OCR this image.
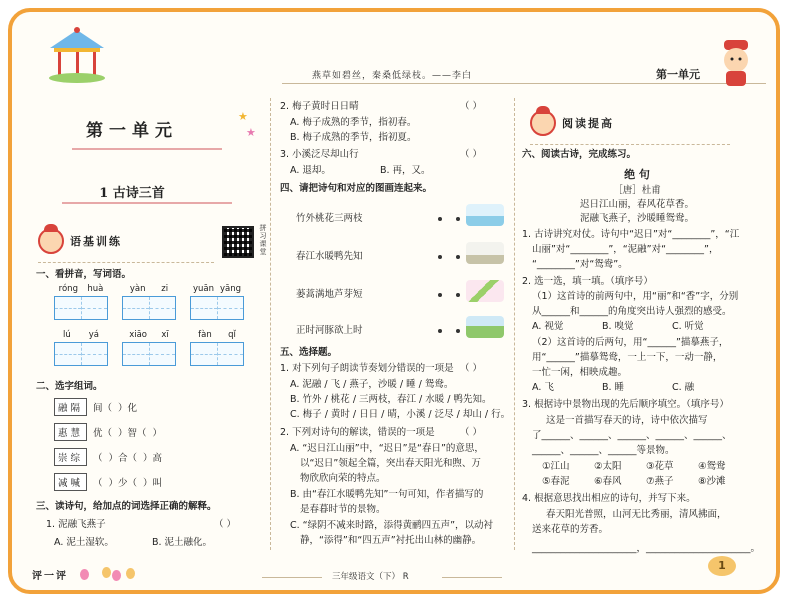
燕草如碧丝，秦桑低绿枝。——李白	第一单元
第一单元
★
★
1 古诗三首
语基训练	拼习课堂
一、看拼音，写词语。
róng huà	yàn zi	yuān yāng
lú yá	xiāo xī	fàn qǐ
二、选字组词。
融隔	间（ ）化
惠慧	优（ ）智（ ）
崇综	（ ）合（ ）高
减喊	（ ）少（ ）叫
三、读诗句，给加点的词选择正确的解释。
1. 泥融飞燕子	（ ）
A. 泥土湿软。	B. 泥土融化。
2. 梅子黄时日日晴	（ ）
A. 梅子成熟的季节，指初春。
B. 梅子成熟的季节，指初夏。
3. 小溪泛尽却山行	（ ）
A. 退却。	B. 再，又。
四、请把诗句和对应的图画连起来。
竹外桃花三两枝
春江水暖鸭先知
蒌蒿满地芦芽短
正时河豚欲上时
五、选择题。
1. 对下列句子朗读节奏划分错误的一项是 （ ）
A. 泥融 / 飞 / 燕子，沙暖 / 睡 / 鸳鸯。
B. 竹外 / 桃花 / 三两枝，春江 / 水暖 / 鸭先知。
C. 梅子 / 黄时 / 日日 / 晴，小溪 / 泛尽 / 却山 / 行。
2. 下列对诗句的解读，错误的一项是	（ ）
A. “迟日江山丽”中，“迟日”是“春日”的意思，
以“迟日”领起全篇，突出春天阳光和煦、万
物欣欣向荣的特点。
B. 由“春江水暖鸭先知”一句可知，作者描写的
是春暮时节的景物。
C. “绿阴不减来时路，添得黄鹂四五声”，以动衬
静，“添得”和“四五声”衬托出山林的幽静。
阅读提高
六、阅读古诗，完成练习。
绝 句
［唐］杜甫
迟日江山丽，春风花草香。
泥融飞燕子，沙暖睡鸳鸯。
1. 古诗讲究对仗。诗句中“迟日”对“________”，“江
山丽”对“________”，“泥融”对“________”，
“________”对“鸳鸯”。
2. 选一选，填一填。（填序号）
（1）这首诗的前两句中，用“丽”和“香”字，分别
从______和______的角度突出诗人强烈的感受。
A. 视觉	B. 嗅觉	C. 听觉
（2）这首诗的后两句，用“______”描摹燕子，
用“______”描摹鸳鸯，一上一下，一动一静，
一忙一闲，相映成趣。
A. 飞	B. 睡	C. 融
3. 根据诗中景物出现的先后顺序填空。（填序号）
这是一首描写春天的诗，诗中依次描写
了______、______、______、______、______、
______、______、______等景物。
①江山	②太阳	③花草	④鸳鸯
⑤春泥	⑥春风	⑦燕子	⑧沙滩
4. 根据意思找出相应的诗句，并写下来。
春天阳光普照，山河无比秀丽，清风拂面，
送来花草的芳香。
______________________，______________________。
评一评	三年级语文（下） R
1
